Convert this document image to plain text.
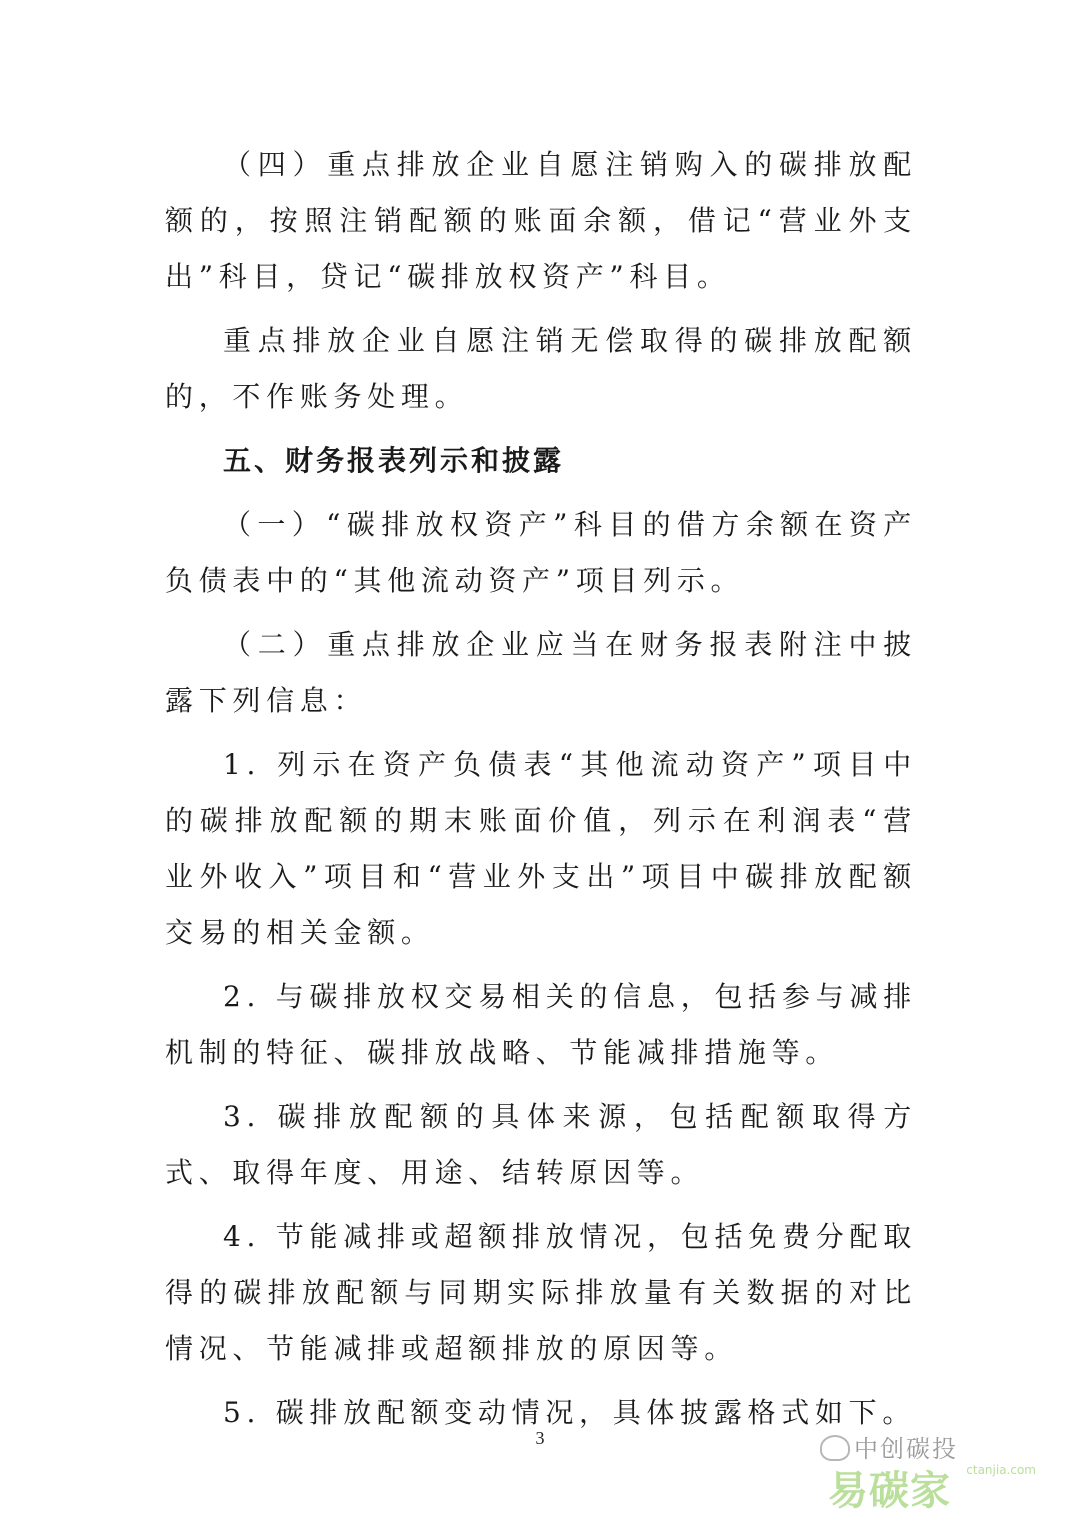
（四）重点排放企业自愿注销购入的碳排放配额的，按照注销配额的账面余额，借记“营业外支出”科目，贷记“碳排放权资产”科目。

重点排放企业自愿注销无偿取得的碳排放配额的，不作账务处理。

五、财务报表列示和披露

（一）“碳排放权资产”科目的借方余额在资产负债表中的“其他流动资产”项目列示。

（二）重点排放企业应当在财务报表附注中披露下列信息：

1. 列示在资产负债表“其他流动资产”项目中的碳排放配额的期末账面价值，列示在利润表“营业外收入”项目和“营业外支出”项目中碳排放配额交易的相关金额。

2. 与碳排放权交易相关的信息，包括参与减排机制的特征、碳排放战略、节能减排措施等。

3. 碳排放配额的具体来源，包括配额取得方式、取得年度、用途、结转原因等。

4. 节能减排或超额排放情况，包括免费分配取得的碳排放配额与同期实际排放量有关数据的对比情况、节能减排或超额排放的原因等。

5. 碳排放配额变动情况，具体披露格式如下。

3	中创碳投
易碳家 ctanjia.com
